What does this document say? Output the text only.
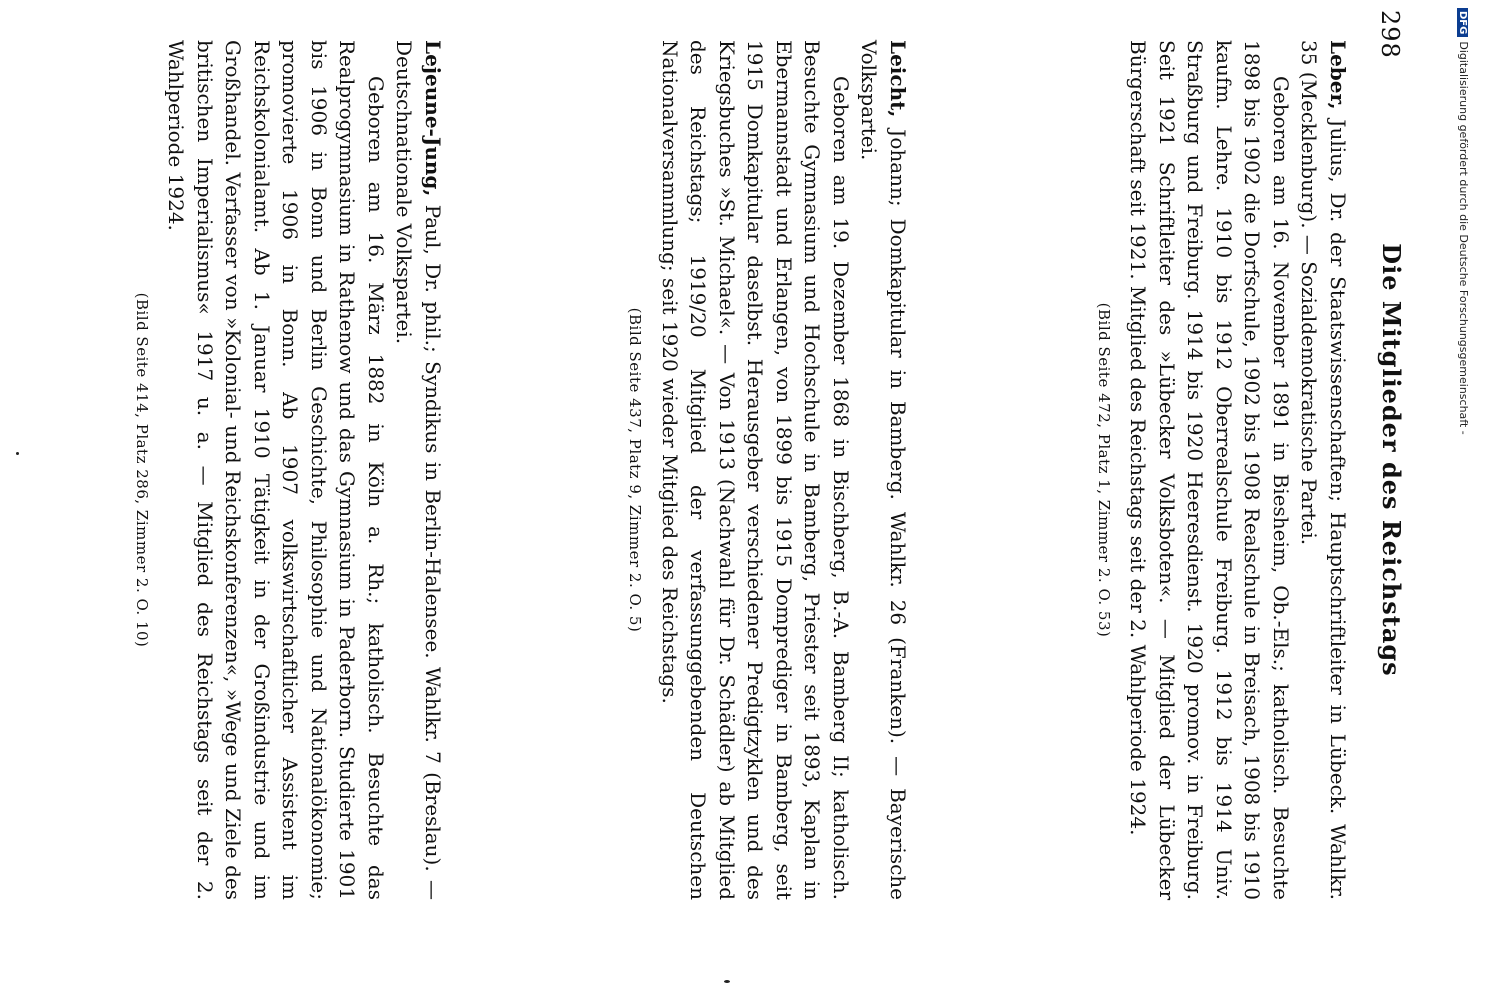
298
Die Mitglieder des Reichstags

Leber, Julius, Dr. der Staatswissenschaften; Hauptschriftleiter in Lübeck. Wahlkr. 35 (Mecklenburg). — Sozialdemokratische Partei.

Geboren am 16. November 1891 in Biesheim, Ob.-Els.; katholisch. Besuchte 1898 bis 1902 die Dorfschule, 1902 bis 1908 Realschule in Breisach, 1908 bis 1910 kaufm. Lehre. 1910 bis 1912 Oberrealschule Freiburg. 1912 bis 1914 Univ. Straßburg und Freiburg. 1914 bis 1920 Heeresdienst. 1920 promov. in Freiburg. Seit 1921 Schriftleiter des »Lübecker Volksboten«. — Mitglied der Lübecker Bürgerschaft seit 1921. Mitglied des Reichstags seit der 2. Wahlperiode 1924.

(Bild Seite 472, Platz 1, Zimmer 2. O. 53)

Leicht, Johann; Domkapitular in Bamberg. Wahlkr. 26 (Franken). — Bayerische Volkspartei.

Geboren am 19. Dezember 1868 in Bischberg, B.-A. Bamberg II; katholisch. Besuchte Gymnasium und Hochschule in Bamberg, Priester seit 1893, Kaplan in Ebermannstadt und Erlangen, von 1899 bis 1915 Domprediger in Bamberg, seit 1915 Domkapitular daselbst. Herausgeber verschiedener Predigtzyklen und des Kriegsbuches »St. Michael«. — Von 1913 (Nachwahl für Dr. Schädler) ab Mitglied des Reichstags; 1919/20 Mitglied der verfassunggebenden Deutschen Nationalversammlung; seit 1920 wieder Mitglied des Reichstags.

(Bild Seite 437, Platz 9, Zimmer 2. O. 5)

Lejeune-Jung, Paul, Dr. phil.; Syndikus in Berlin-Halensee. Wahlkr. 7 (Breslau). — Deutschnationale Volkspartei.

Geboren am 16. März 1882 in Köln a. Rh.; katholisch. Besuchte das Realprogymnasium in Rathenow und das Gymnasium in Paderborn. Studierte 1901 bis 1906 in Bonn und Berlin Geschichte, Philosophie und Nationalökonomie; promovierte 1906 in Bonn. Ab 1907 volkswirtschaftlicher Assistent im Reichskolonialamt. Ab 1. Januar 1910 Tätigkeit in der Großindustrie und im Großhandel. Verfasser von »Kolonial- und Reichskonferenzen«, »Wege und Ziele des britischen Imperialismus« 1917 u. a. — Mitglied des Reichstags seit der 2. Wahlperiode 1924.

(Bild Seite 414, Platz 286, Zimmer 2. O. 10)

DFGDigitalisierung gefördert durch die Deutsche Forschungsgemeinschaft -
